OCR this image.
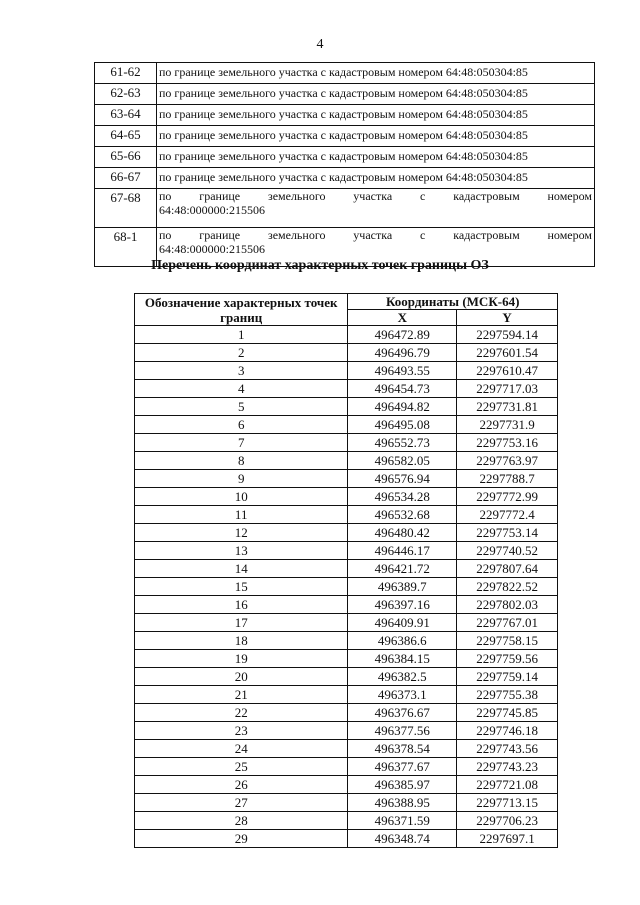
4
61-62	по границе земельного участка с кадастровым номером 64:48:050304:85
62-63	по границе земельного участка с кадастровым номером 64:48:050304:85
63-64	по границе земельного участка с кадастровым номером 64:48:050304:85
64-65	по границе земельного участка с кадастровым номером 64:48:050304:85
65-66	по границе земельного участка с кадастровым номером 64:48:050304:85
66-67	по границе земельного участка с кадастровым номером 64:48:050304:85
67-68	по границе земельного участка с кадастровым номером
64:48:000000:215506

68-1	по границе земельного участка с кадастровым номером
64:48:000000:215506
Перечень координат характерных точек границы ОЗ
Обозначение характерных точек границ	Координаты (МСК-64)	
	X	Y
1	496472.89	2297594.14
2	496496.79	2297601.54
3	496493.55	2297610.47
4	496454.73	2297717.03
5	496494.82	2297731.81
6	496495.08	2297731.9
7	496552.73	2297753.16
8	496582.05	2297763.97
9	496576.94	2297788.7
10	496534.28	2297772.99
11	496532.68	2297772.4
12	496480.42	2297753.14
13	496446.17	2297740.52
14	496421.72	2297807.64
15	496389.7	2297822.52
16	496397.16	2297802.03
17	496409.91	2297767.01
18	496386.6	2297758.15
19	496384.15	2297759.56
20	496382.5	2297759.14
21	496373.1	2297755.38
22	496376.67	2297745.85
23	496377.56	2297746.18
24	496378.54	2297743.56
25	496377.67	2297743.23
26	496385.97	2297721.08
27	496388.95	2297713.15
28	496371.59	2297706.23
29	496348.74	2297697.1
